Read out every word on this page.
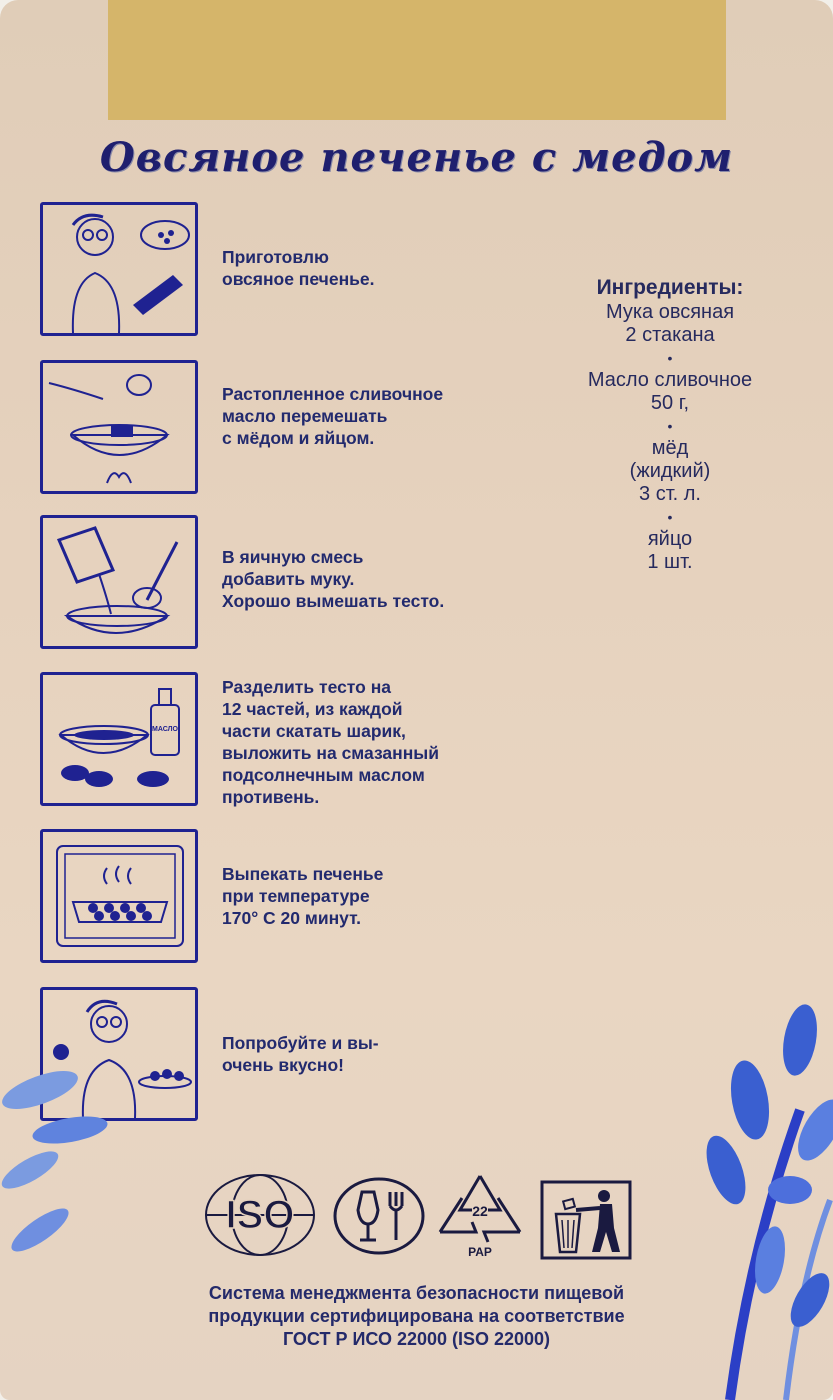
Овсяное печенье с медом
Приготовлю
овсяное печенье.
Растопленное сливочное
масло перемешать
с мёдом и яйцом.
В яичную смесь
добавить муку.
Хорошо вымешать тесто.
МАСЛО
Разделить тесто на
12 частей, из каждой
части скатать шарик,
выложить на смазанный
подсолнечным маслом
противень.
Выпекать печенье
при температуре
170° С 20 минут.
Попробуйте и вы-
очень вкусно!
Ингредиенты:
Мука овсяная
2 стакана
•
Масло сливочное
50 г,
•
мёд
(жидкий)
3 ст. л.
•
яйцо
1 шт.
ISO	22
PAP
Система менеджмента безопасности пищевой
продукции сертифицирована на соответствие
ГОСТ Р ИСО 22000 (ISO 22000)
